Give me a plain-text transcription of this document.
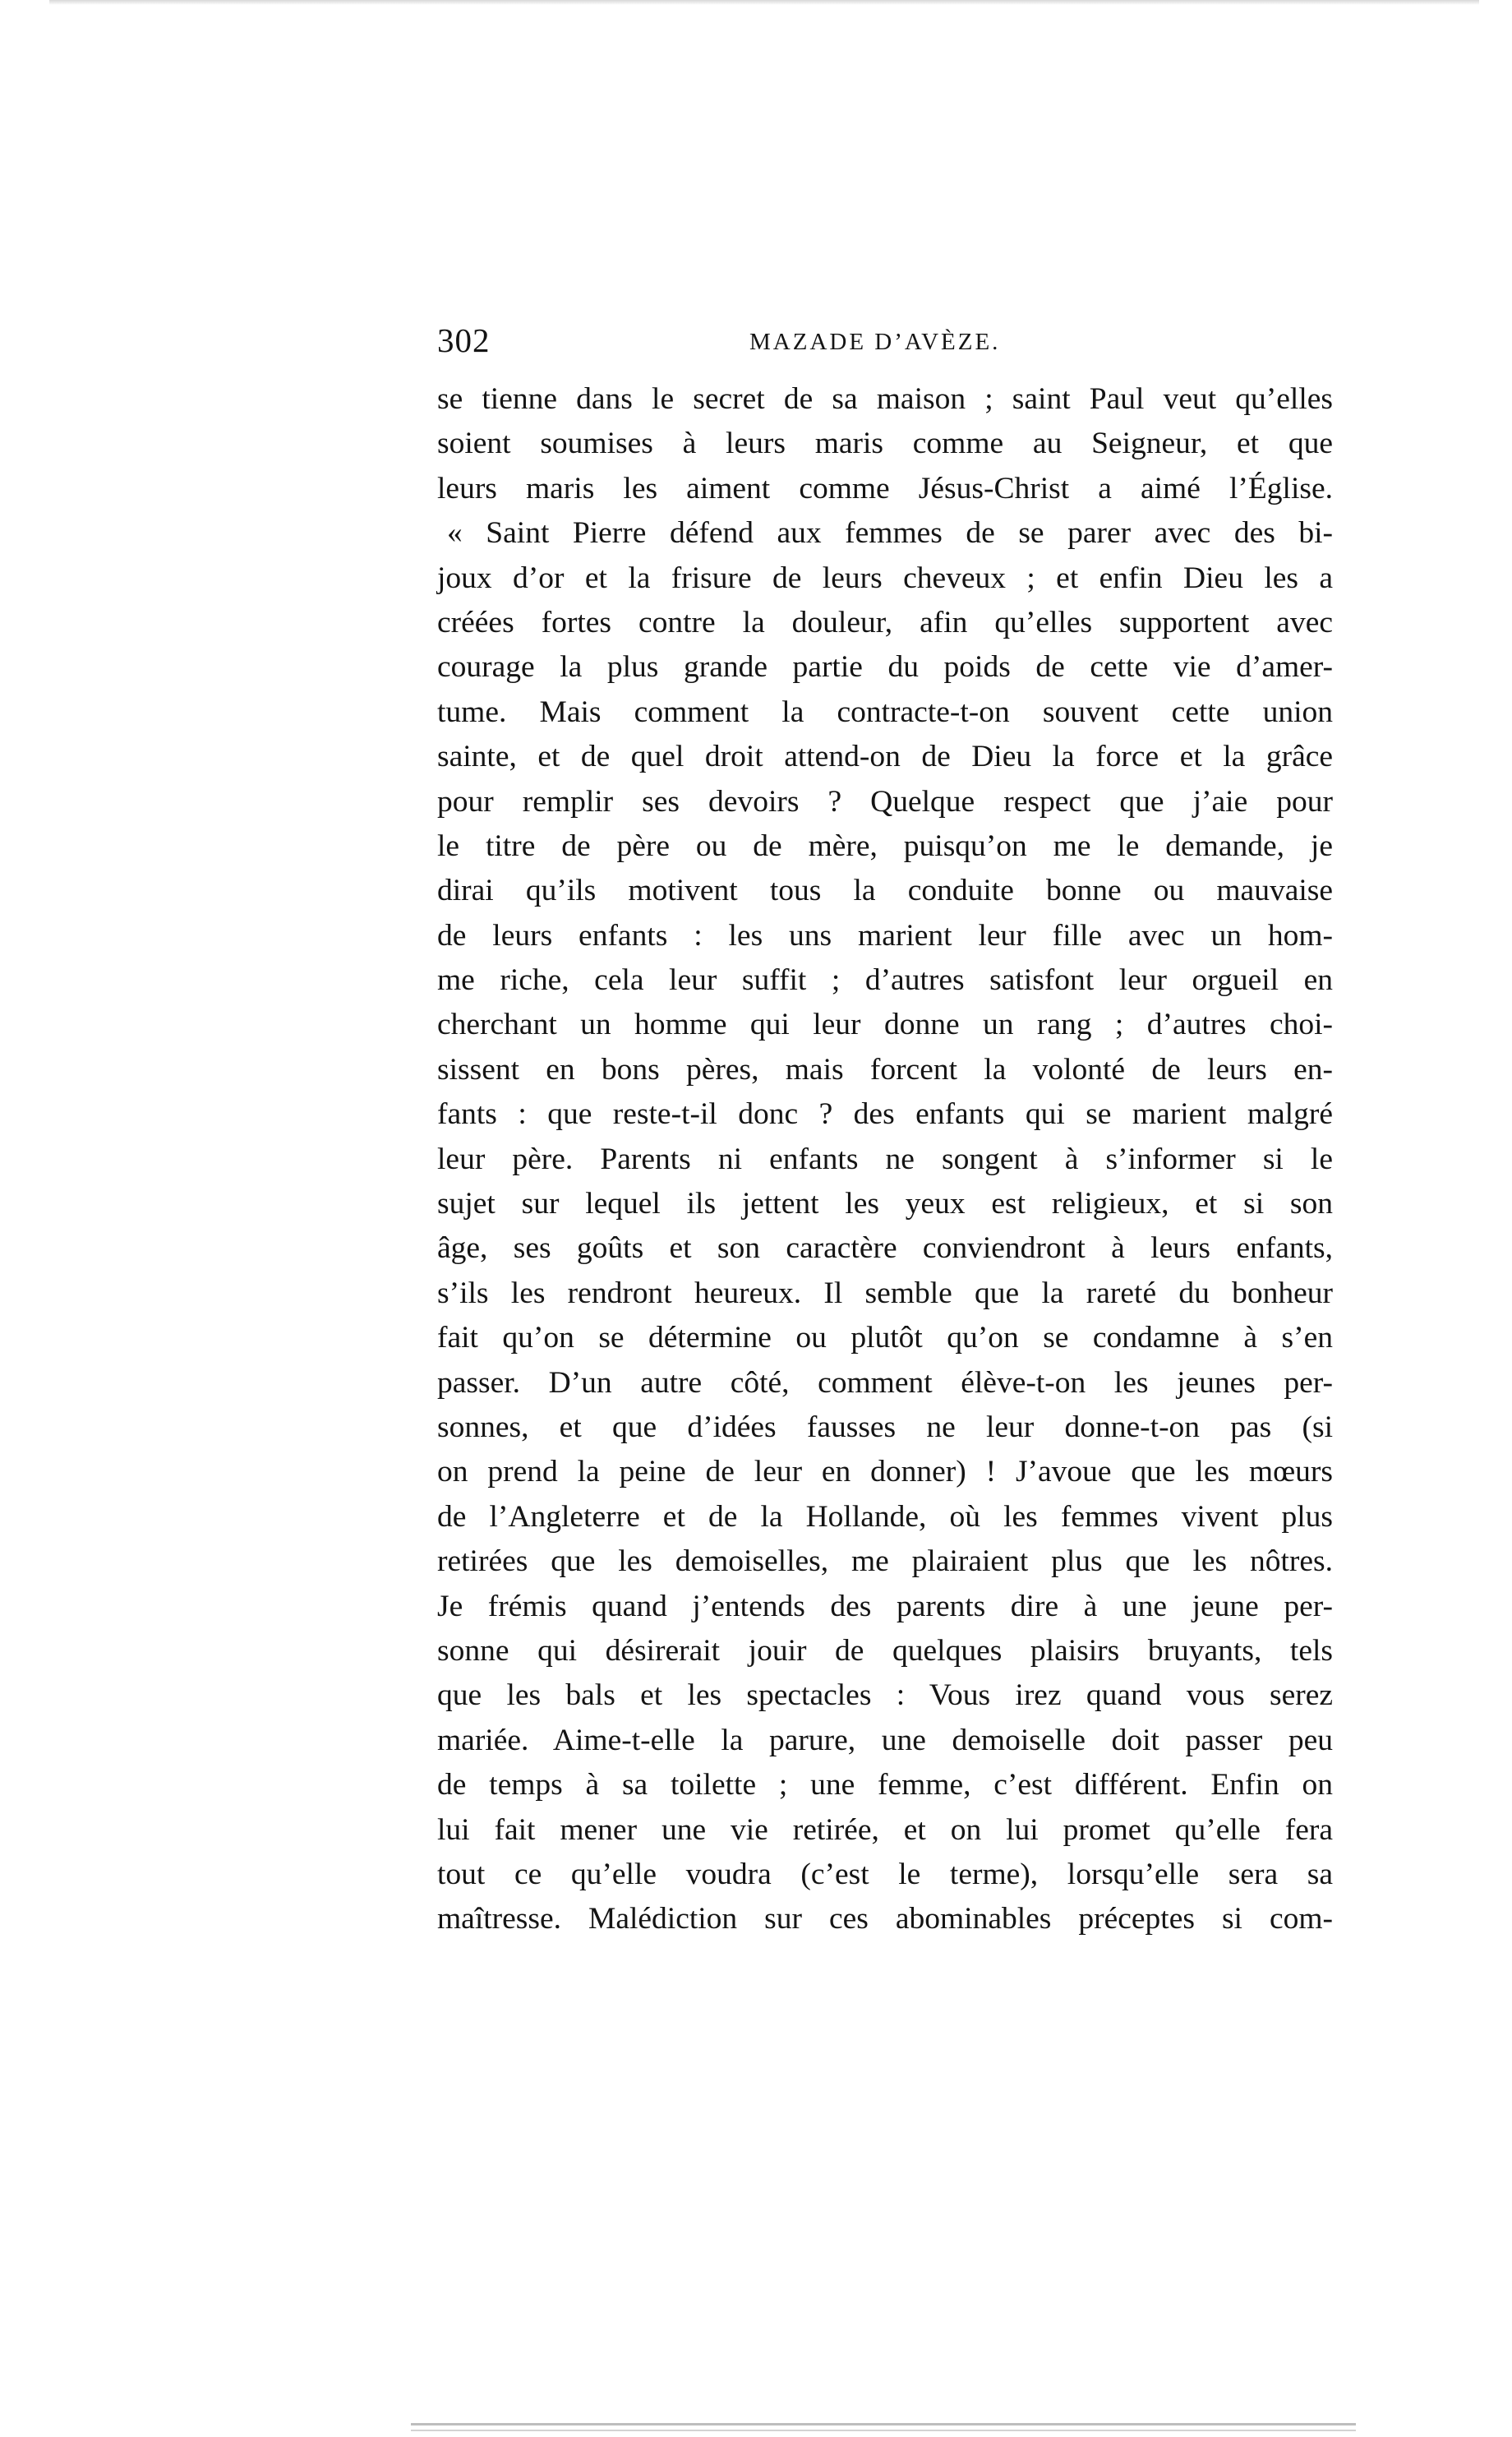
302	MAZADE D’AVÈZE.
se tienne dans le secret de sa maison ; saint Paul veut qu’elles
soient soumises à leurs maris comme au Seigneur, et que
leurs maris les aiment comme Jésus-Christ a aimé l’Église.
« Saint Pierre défend aux femmes de se parer avec des bi-
joux d’or et la frisure de leurs cheveux ; et enfin Dieu les a
créées fortes contre la douleur, afin qu’elles supportent avec
courage la plus grande partie du poids de cette vie d’amer-
tume. Mais comment la contracte-t-on souvent cette union
sainte, et de quel droit attend-on de Dieu la force et la grâce
pour remplir ses devoirs ? Quelque respect que j’aie pour
le titre de père ou de mère, puisqu’on me le demande, je
dirai qu’ils motivent tous la conduite bonne ou mauvaise
de leurs enfants : les uns marient leur fille avec un hom-
me riche, cela leur suffit ; d’autres satisfont leur orgueil en
cherchant un homme qui leur donne un rang ; d’autres choi-
sissent en bons pères, mais forcent la volonté de leurs en-
fants : que reste-t-il donc ? des enfants qui se marient malgré
leur père. Parents ni enfants ne songent à s’informer si le
sujet sur lequel ils jettent les yeux est religieux, et si son
âge, ses goûts et son caractère conviendront à leurs enfants,
s’ils les rendront heureux. Il semble que la rareté du bonheur
fait qu’on se détermine ou plutôt qu’on se condamne à s’en
passer. D’un autre côté, comment élève-t-on les jeunes per-
sonnes, et que d’idées fausses ne leur donne-t-on pas (si
on prend la peine de leur en donner) ! J’avoue que les mœurs
de l’Angleterre et de la Hollande, où les femmes vivent plus
retirées que les demoiselles, me plairaient plus que les nôtres.
Je frémis quand j’entends des parents dire à une jeune per-
sonne qui désirerait jouir de quelques plaisirs bruyants, tels
que les bals et les spectacles : Vous irez quand vous serez
mariée. Aime-t-elle la parure, une demoiselle doit passer peu
de temps à sa toilette ; une femme, c’est différent. Enfin on
lui fait mener une vie retirée, et on lui promet qu’elle fera
tout ce qu’elle voudra (c’est le terme), lorsqu’elle sera sa
maîtresse. Malédiction sur ces abominables préceptes si com-
